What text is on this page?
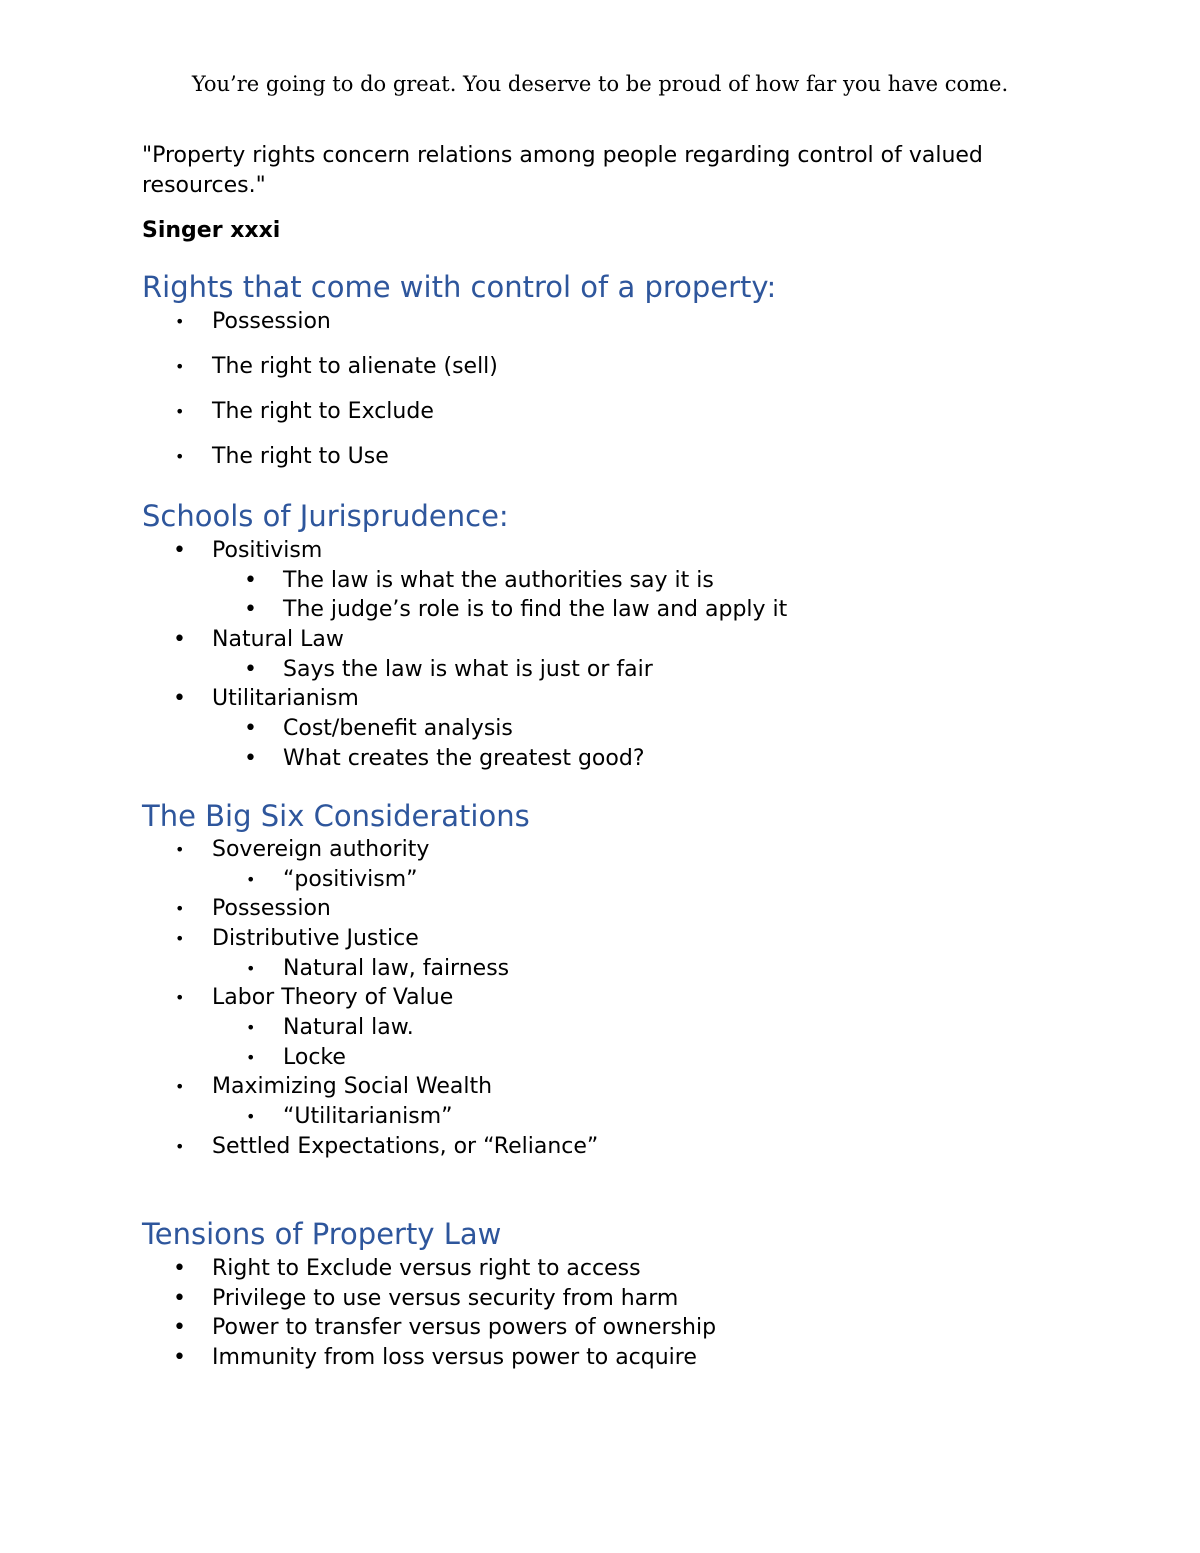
You’re going to do great. You deserve to be proud of how far you have come.
"Property rights concern relations among people regarding control of valued resources."
Singer xxxi
Rights that come with control of a property:
• Possession
• The right to alienate (sell)
• The right to Exclude
• The right to Use
Schools of Jurisprudence:
• Positivism
• The law is what the authorities say it is
• The judge’s role is to find the law and apply it
• Natural Law
• Says the law is what is just or fair
• Utilitarianism
• Cost/benefit analysis
• What creates the greatest good?
The Big Six Considerations
• Sovereign authority
• “positivism”
• Possession
• Distributive Justice
• Natural law, fairness
• Labor Theory of Value
• Natural law.
• Locke
• Maximizing Social Wealth
• “Utilitarianism”
• Settled Expectations, or “Reliance”
Tensions of Property Law
• Right to Exclude versus right to access
• Privilege to use versus security from harm
• Power to transfer versus powers of ownership
• Immunity from loss versus power to acquire
